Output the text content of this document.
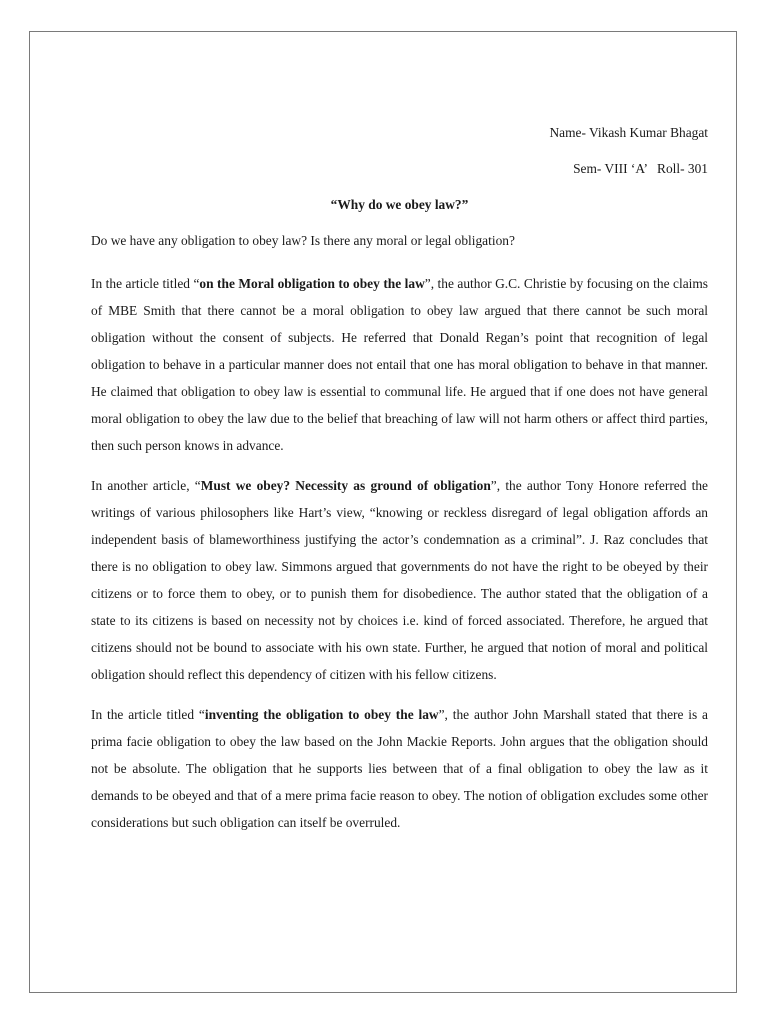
Name- Vikash Kumar Bhagat
Sem- VIII ‘A’   Roll- 301
“Why do we obey law?”

Do we have any obligation to obey law? Is there any moral or legal obligation?

In the article titled “on the Moral obligation to obey the law”, the author G.C. Christie by focusing on the claims of MBE Smith that there cannot be a moral obligation to obey law argued that there cannot be such moral obligation without the consent of subjects. He referred that Donald Regan’s point that recognition of legal obligation to behave in a particular manner does not entail that one has moral obligation to behave in that manner. He claimed that obligation to obey law is essential to communal life. He argued that if one does not have general moral obligation to obey the law due to the belief that breaching of law will not harm others or affect third parties, then such person knows in advance.

In another article, “Must we obey? Necessity as ground of obligation”, the author Tony Honore referred the writings of various philosophers like Hart’s view, “knowing or reckless disregard of legal obligation affords an independent basis of blameworthiness justifying the actor’s condemnation as a criminal”. J. Raz concludes that there is no obligation to obey law. Simmons argued that governments do not have the right to be obeyed by their citizens or to force them to obey, or to punish them for disobedience. The author stated that the obligation of a state to its citizens is based on necessity not by choices i.e. kind of forced associated. Therefore, he argued that citizens should not be bound to associate with his own state. Further, he argued that notion of moral and political obligation should reflect this dependency of citizen with his fellow citizens.

In the article titled “inventing the obligation to obey the law”, the author John Marshall stated that there is a prima facie obligation to obey the law based on the John Mackie Reports. John argues that the obligation should not be absolute. The obligation that he supports lies between that of a final obligation to obey the law as it demands to be obeyed and that of a mere prima facie reason to obey. The notion of obligation excludes some other considerations but such obligation can itself be overruled.
